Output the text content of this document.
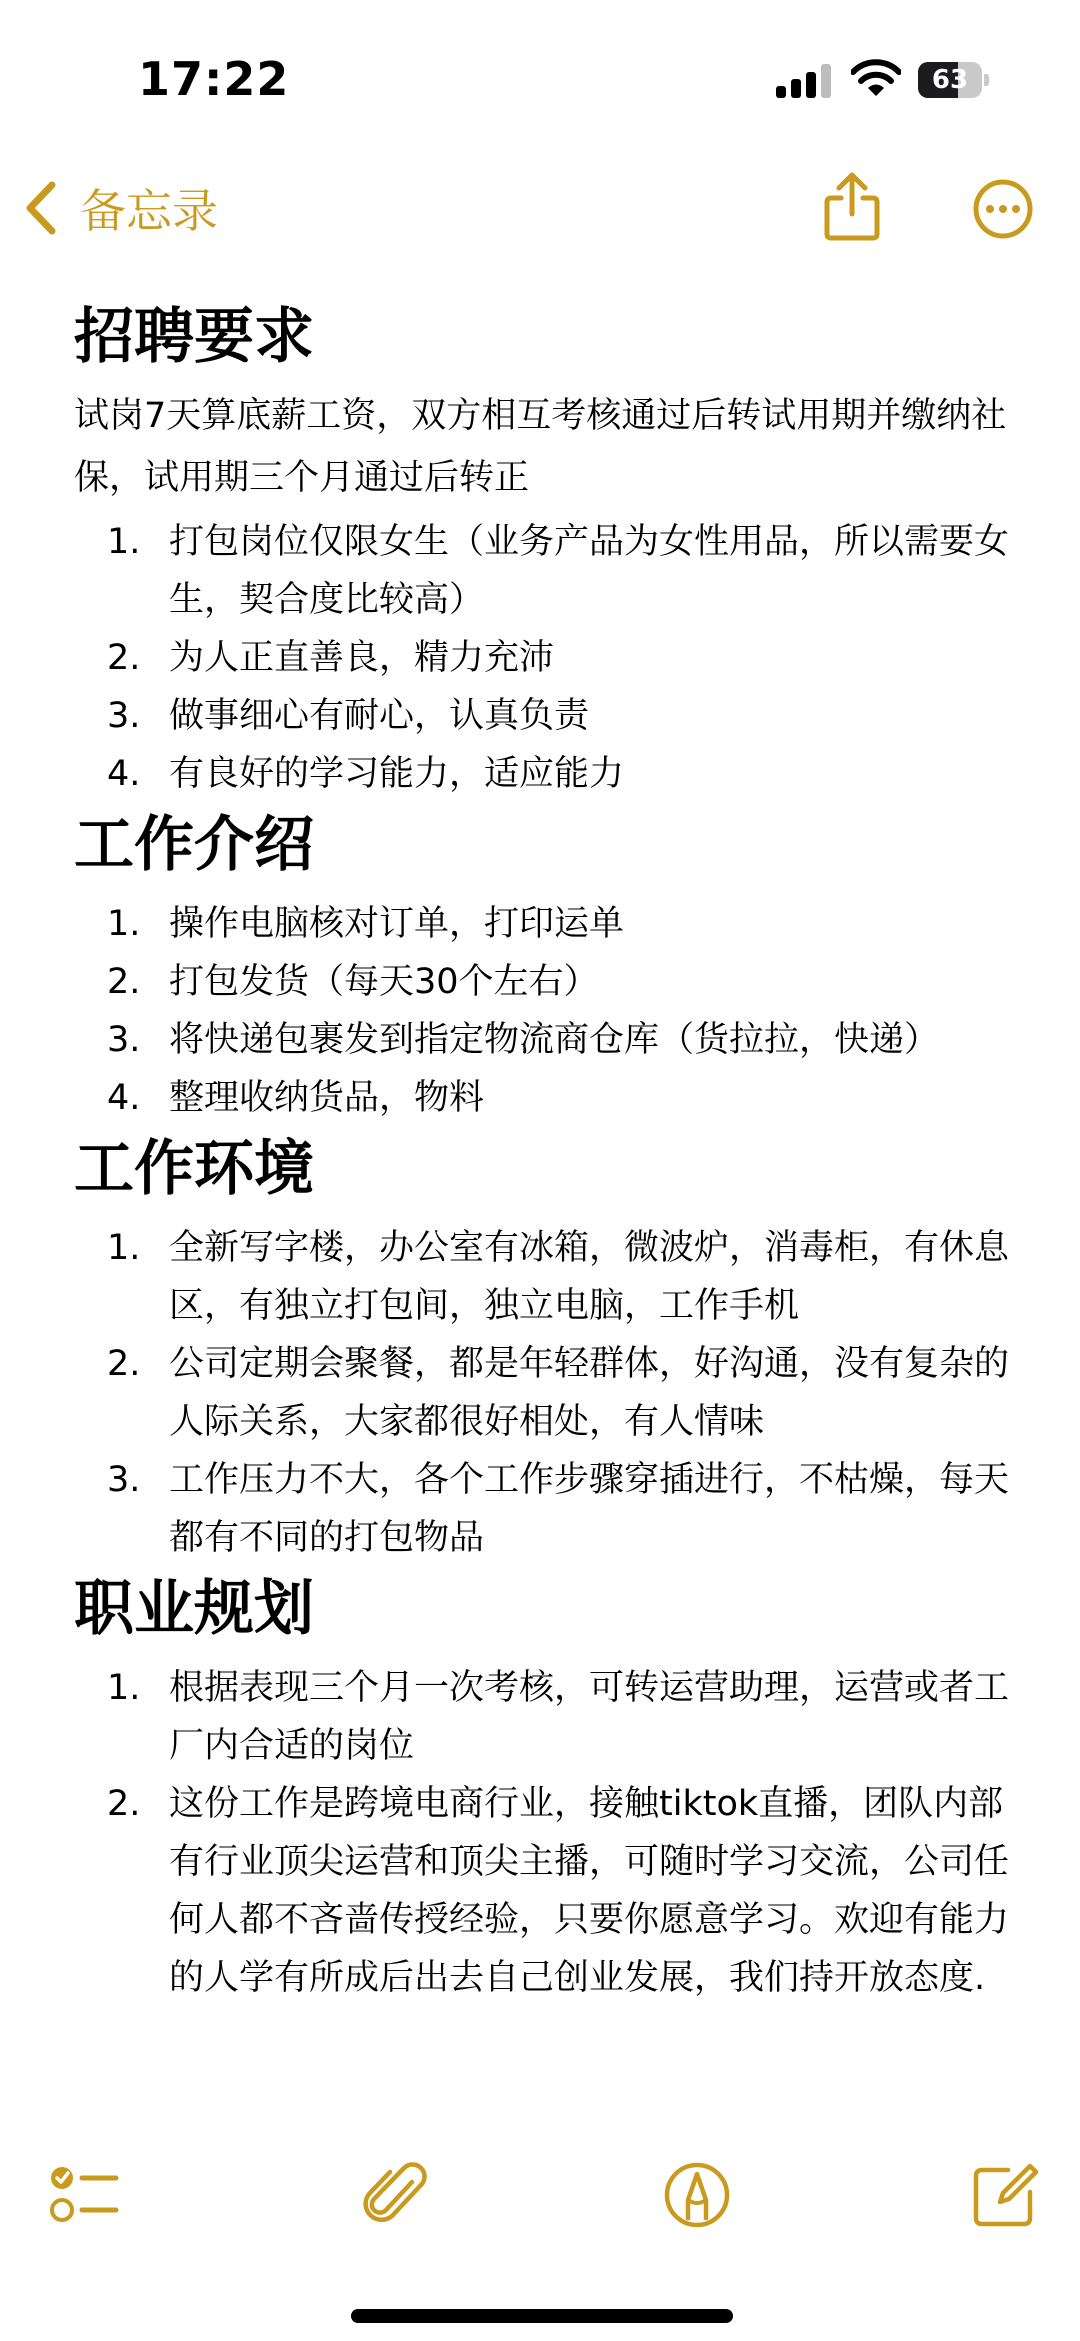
17:22	63
备忘录
招聘要求

试岗7天算底薪工资，双方相互考核通过后转试用期并缴纳社保，试用期三个月通过后转正

1. 打包岗位仅限女生（业务产品为女性用品，所以需要女生，契合度比较高）
2. 为人正直善良，精力充沛
3. 做事细心有耐心，认真负责
4. 有良好的学习能力，适应能力
工作介绍
1. 操作电脑核对订单，打印运单
2. 打包发货（每天30个左右）
3. 将快递包裹发到指定物流商仓库（货拉拉，快递）
4. 整理收纳货品，物料
工作环境
1. 全新写字楼，办公室有冰箱，微波炉，消毒柜，有休息区，有独立打包间，独立电脑，工作手机
2. 公司定期会聚餐，都是年轻群体，好沟通，没有复杂的人际关系，大家都很好相处，有人情味
3. 工作压力不大，各个工作步骤穿插进行，不枯燥，每天都有不同的打包物品
职业规划
1. 根据表现三个月一次考核，可转运营助理，运营或者工厂内合适的岗位
2. 这份工作是跨境电商行业，接触tiktok直播，团队内部有行业顶尖运营和顶尖主播，可随时学习交流，公司任何人都不吝啬传授经验，只要你愿意学习。欢迎有能力的人学有所成后出去自己创业发展，我们持开放态度.
